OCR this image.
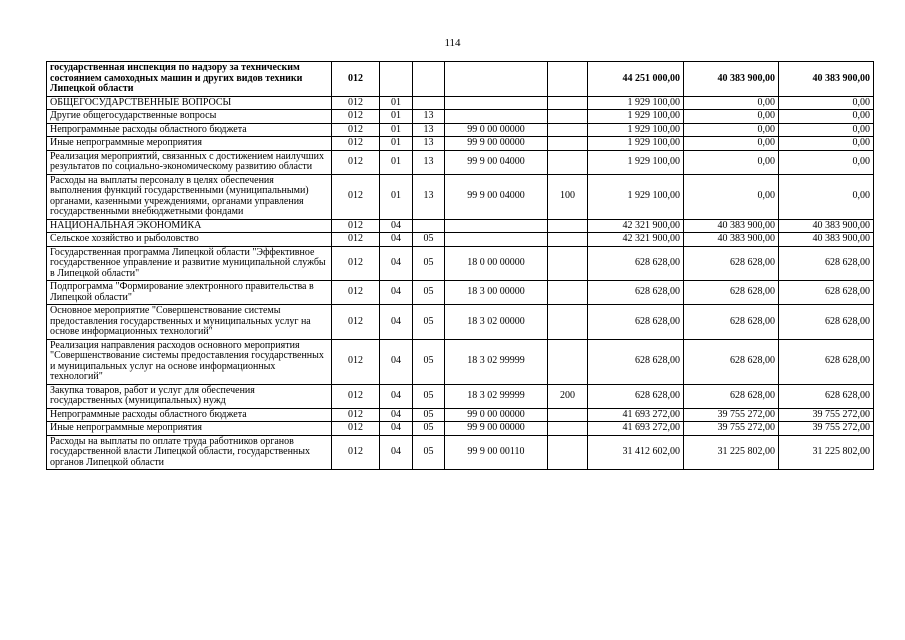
114
государственная инспекция по надзору за техническим состоянием самоходных машин и других видов техники Липецкой области	012					44 251 000,00	40 383 900,00	40 383 900,00
ОБЩЕГОСУДАРСТВЕННЫЕ ВОПРОСЫ	012	01				1 929 100,00	0,00	0,00
Другие общегосударственные вопросы	012	01	13			1 929 100,00	0,00	0,00
Непрограммные расходы областного бюджета	012	01	13	99 0 00 00000		1 929 100,00	0,00	0,00
Иные непрограммные мероприятия	012	01	13	99 9 00 00000		1 929 100,00	0,00	0,00
Реализация мероприятий, связанных с достижением наилучших результатов по социально-экономическому развитию области	012	01	13	99 9 00 04000		1 929 100,00	0,00	0,00
Расходы на выплаты персоналу в целях обеспечения выполнения функций государственными (муниципальными) органами, казенными учреждениями, органами управления государственными внебюджетными фондами	012	01	13	99 9 00 04000	100	1 929 100,00	0,00	0,00
НАЦИОНАЛЬНАЯ ЭКОНОМИКА	012	04				42 321 900,00	40 383 900,00	40 383 900,00
Сельское хозяйство и рыболовство	012	04	05			42 321 900,00	40 383 900,00	40 383 900,00
Государственная программа Липецкой области "Эффективное государственное управление и развитие муниципальной службы в Липецкой области"	012	04	05	18 0 00 00000		628 628,00	628 628,00	628 628,00
Подпрограмма "Формирование электронного правительства в Липецкой области"	012	04	05	18 3 00 00000		628 628,00	628 628,00	628 628,00
Основное мероприятие "Совершенствование системы предоставления государственных и муниципальных услуг на основе информационных технологий"	012	04	05	18 3 02 00000		628 628,00	628 628,00	628 628,00
Реализация направления расходов основного мероприятия "Совершенствование системы предоставления государственных и муниципальных услуг на основе информационных технологий"	012	04	05	18 3 02 99999		628 628,00	628 628,00	628 628,00
Закупка товаров, работ и услуг для обеспечения государственных (муниципальных) нужд	012	04	05	18 3 02 99999	200	628 628,00	628 628,00	628 628,00
Непрограммные расходы областного бюджета	012	04	05	99 0 00 00000		41 693 272,00	39 755 272,00	39 755 272,00
Иные непрограммные мероприятия	012	04	05	99 9 00 00000		41 693 272,00	39 755 272,00	39 755 272,00
Расходы на выплаты по оплате труда работников органов государственной власти Липецкой области, государственных органов Липецкой области	012	04	05	99 9 00 00110		31 412 602,00	31 225 802,00	31 225 802,00
